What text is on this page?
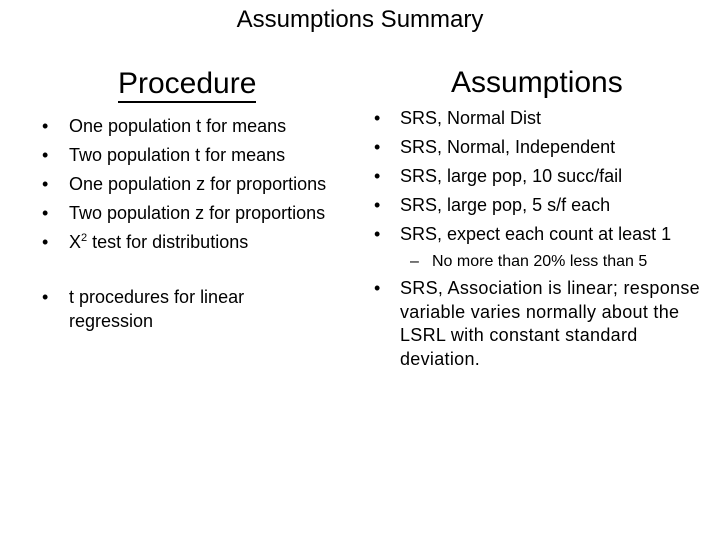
Assumptions Summary
Procedure	Assumptions
• One population t for means
• Two population t for means
• One population z for proportions
• Two population z for proportions
• $X^2$ test for distributions
• SRS, Normal Dist
• SRS, Normal, Independent
• SRS, large pop, 10 succ/fail
• SRS, large pop, 5 s/f each
• SRS, expect each count at least 1
– No more than 20% less than 5
• t procedures for linear regression
• SRS, Association is linear; response variable varies normally about the LSRL with constant standard deviation.
